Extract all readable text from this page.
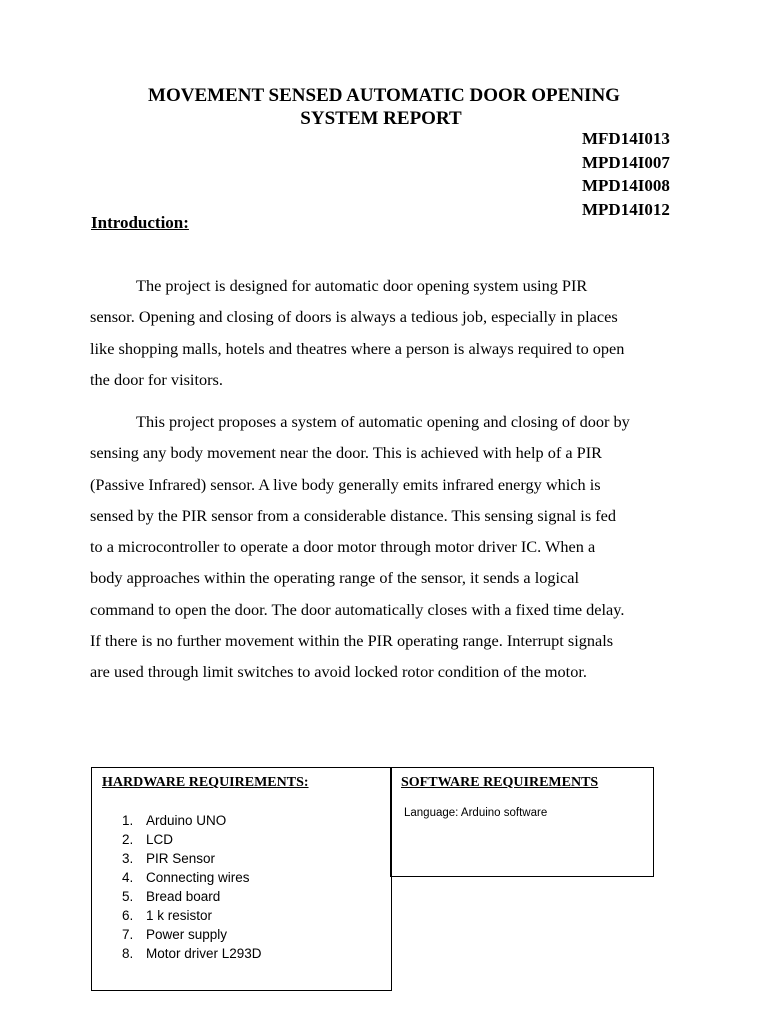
MOVEMENT SENSED AUTOMATIC DOOR OPENING
SYSTEM REPORT
MFD14I013
MPD14I007
MPD14I008
MPD14I012
Introduction:

The project is designed for automatic door opening system using PIR
sensor. Opening and closing of doors is always a tedious job, especially in places
like shopping malls, hotels and theatres where a person is always required to open
the door for visitors.

This project proposes a system of automatic opening and closing of door by
sensing any body movement near the door. This is achieved with help of a PIR
(Passive Infrared) sensor. A live body generally emits infrared energy which is
sensed by the PIR sensor from a considerable distance. This sensing signal is fed
to a microcontroller to operate a door motor through motor driver IC. When a
body approaches within the operating range of the sensor, it sends a logical
command to open the door. The door automatically closes with a fixed time delay.
If there is no further movement within the PIR operating range. Interrupt signals
are used through limit switches to avoid locked rotor condition of the motor.

HARDWARE REQUIREMENTS:
1. Arduino UNO
2. LCD
3. PIR Sensor
4. Connecting wires
5. Bread board
6. 1 k resistor
7. Power supply
8. Motor driver L293D
SOFTWARE REQUIREMENTS
Language: Arduino software
